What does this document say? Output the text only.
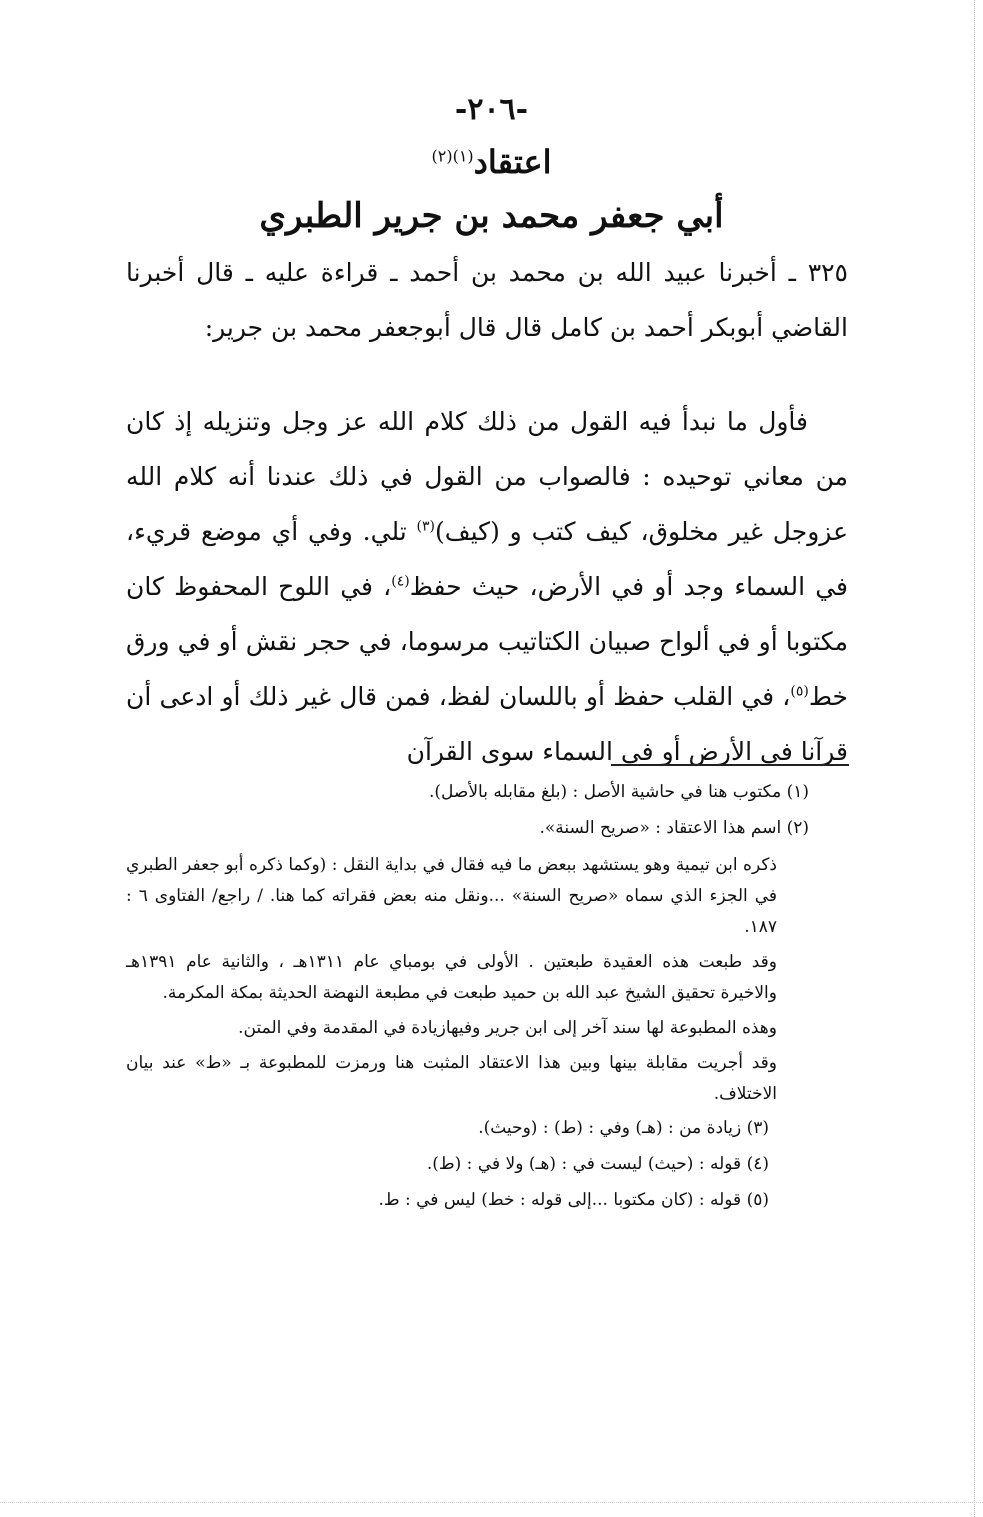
-٢٠٦-
اعتقاد$^{(١)(٢)}$
أبي جعفر محمد بن جرير الطبري
٣٢٥ ـ أخبرنا عبيد الله بن محمد بن أحمد ـ قراءة عليه ـ قال أخبرنا القاضي أبوبكر أحمد بن كامل قال قال أبوجعفر محمد بن جرير:
فأول ما نبدأ فيه القول من ذلك كلام الله عز وجل وتنزيله إذ كان من معاني توحيده : فالصواب من القول في ذلك عندنا أنه كلام الله عزوجل غير مخلوق، كيف كتب و (كيف)$^{(٣)}$ تلي. وفي أي موضع قريء، في السماء وجد أو في الأرض، حيث حفظ$^{(٤)}$، في اللوح المحفوظ كان مكتوبا أو في ألواح صبيان الكتاتيب مرسوما، في حجر نقش أو في ورق خط$^{(٥)}$، في القلب حفظ أو باللسان لفظ، فمن قال غير ذلك أو ادعى أن قرآنا في الأرض أو في السماء سوى القرآن
(١) مكتوب هنا في حاشية الأصل : (بلغ مقابله بالأصل).
(٢) اسم هذا الاعتقاد : «صريح السنة».
ذكره ابن تيمية وهو يستشهد ببعض ما فيه فقال في بداية النقل : (وكما ذكره أبو جعفر الطبري في الجزء الذي سماه «صريح السنة» ...ونقل منه بعض فقراته كما هنا. / راجع/ الفتاوى ٦ : ١٨٧.
وقد طبعت هذه العقيدة طبعتين . الأولى في بومباي عام ١٣١١هـ ، والثانية عام ١٣٩١هـ والاخيرة تحقيق الشيخ عبد الله بن حميد طبعت في مطبعة النهضة الحديثة بمكة المكرمة.
وهذه المطبوعة لها سند آخر إلى ابن جرير وفيهازيادة في المقدمة وفي المتن.
وقد أجريت مقابلة بينها وبين هذا الاعتقاد المثبت هنا ورمزت للمطبوعة بـ «ط» عند بيان الاختلاف.
(٣) زيادة من : (هـ) وفي : (ط) : (وحيث).
(٤) قوله : (حيث) ليست في : (هـ) ولا في : (ط).
(٥) قوله : (كان مكتوبا ...إلى قوله : خط) ليس في : ط.
